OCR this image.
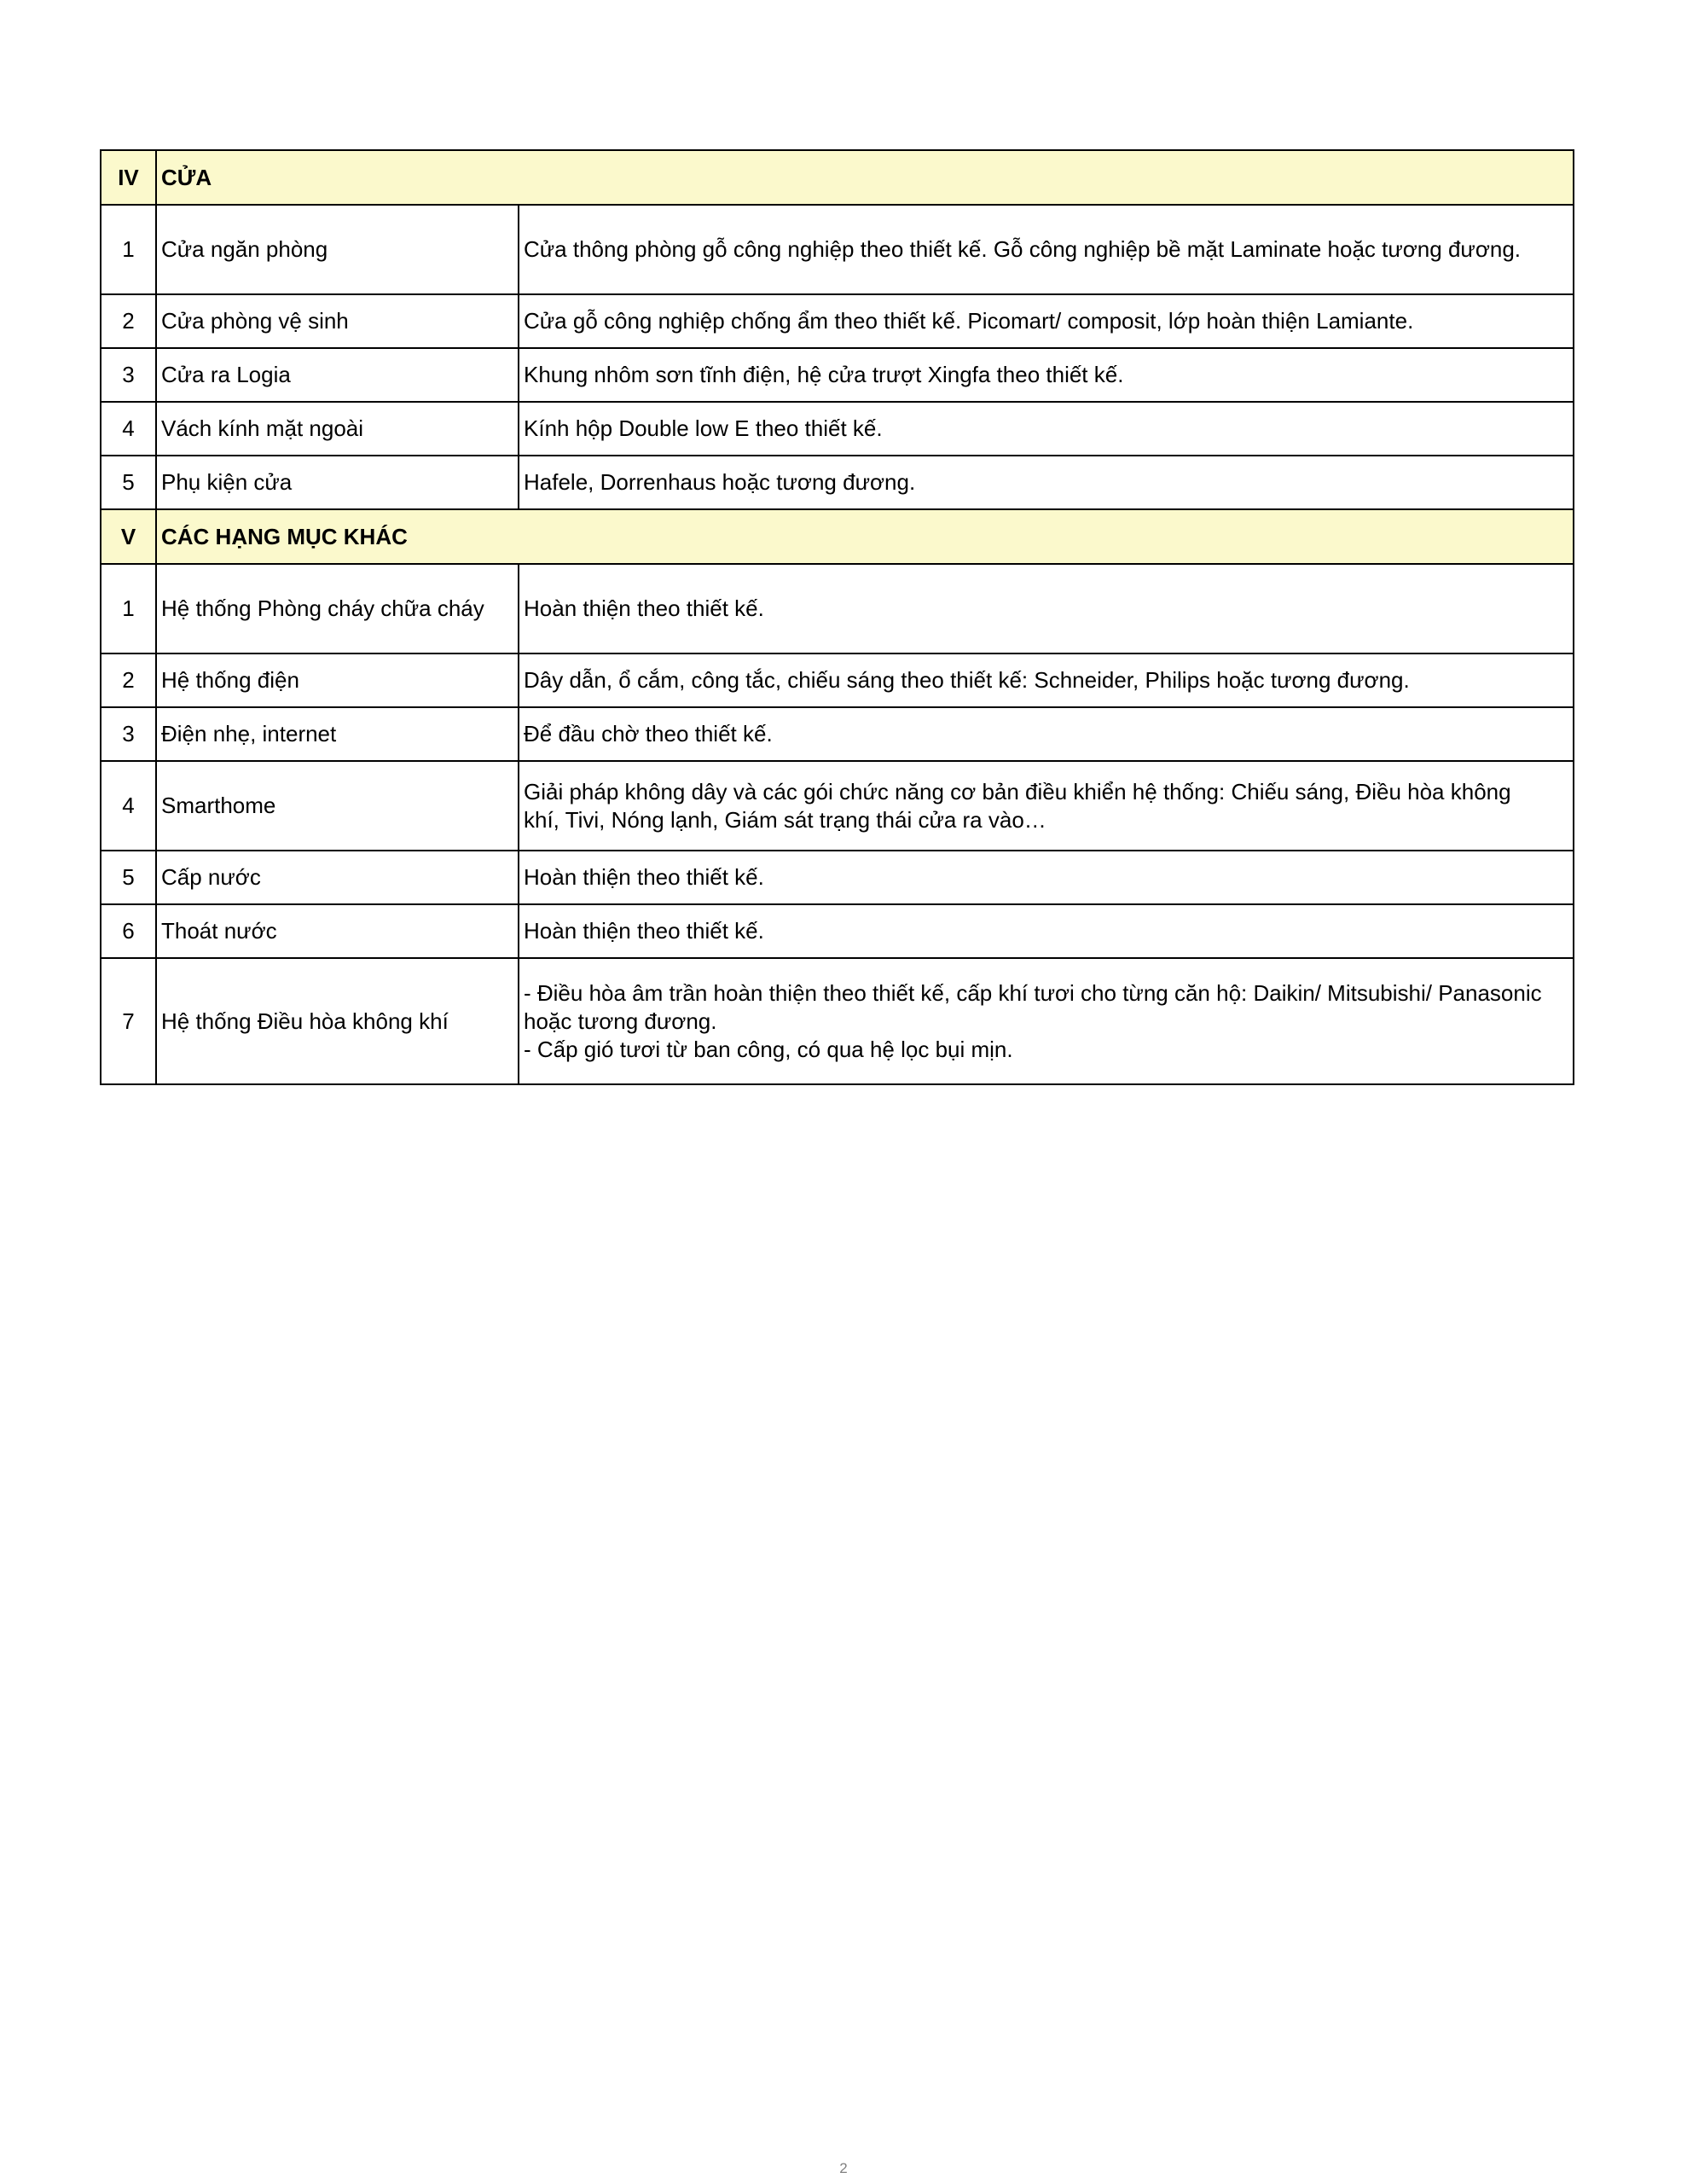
IV	CỬA	
1	Cửa ngăn phòng	Cửa thông phòng gỗ công nghiệp theo thiết kế. Gỗ công nghiệp bề mặt Laminate hoặc tương đương.
2	Cửa phòng vệ sinh	Cửa gỗ công nghiệp chống ẩm theo thiết kế. Picomart/ composit, lớp hoàn thiện Lamiante.
3	Cửa ra Logia	Khung nhôm sơn tĩnh điện, hệ cửa trượt Xingfa theo thiết kế.
4	Vách kính mặt ngoài	Kính hộp Double low E theo thiết kế.
5	Phụ kiện cửa	Hafele, Dorrenhaus hoặc tương đương.
V	CÁC HẠNG MỤC KHÁC	
1	Hệ thống Phòng cháy chữa cháy	Hoàn thiện theo thiết kế.
2	Hệ thống điện	Dây dẫn, ổ cắm, công tắc, chiếu sáng theo thiết kế: Schneider, Philips hoặc tương đương.
3	Điện nhẹ, internet	Để đầu chờ theo thiết kế.
4	Smarthome	Giải pháp không dây và các gói chức năng cơ bản điều khiển hệ thống: Chiếu sáng, Điều hòa không
khí, Tivi, Nóng lạnh, Giám sát trạng thái cửa ra vào…

5	Cấp nước	Hoàn thiện theo thiết kế.
6	Thoát nước	Hoàn thiện theo thiết kế.
7	Hệ thống Điều hòa không khí	- Điều hòa âm trần hoàn thiện theo thiết kế, cấp khí tươi cho từng căn hộ: Daikin/ Mitsubishi/ Panasonic
hoặc tương đương.
- Cấp gió tươi từ ban công, có qua hệ lọc bụi mịn.
2
